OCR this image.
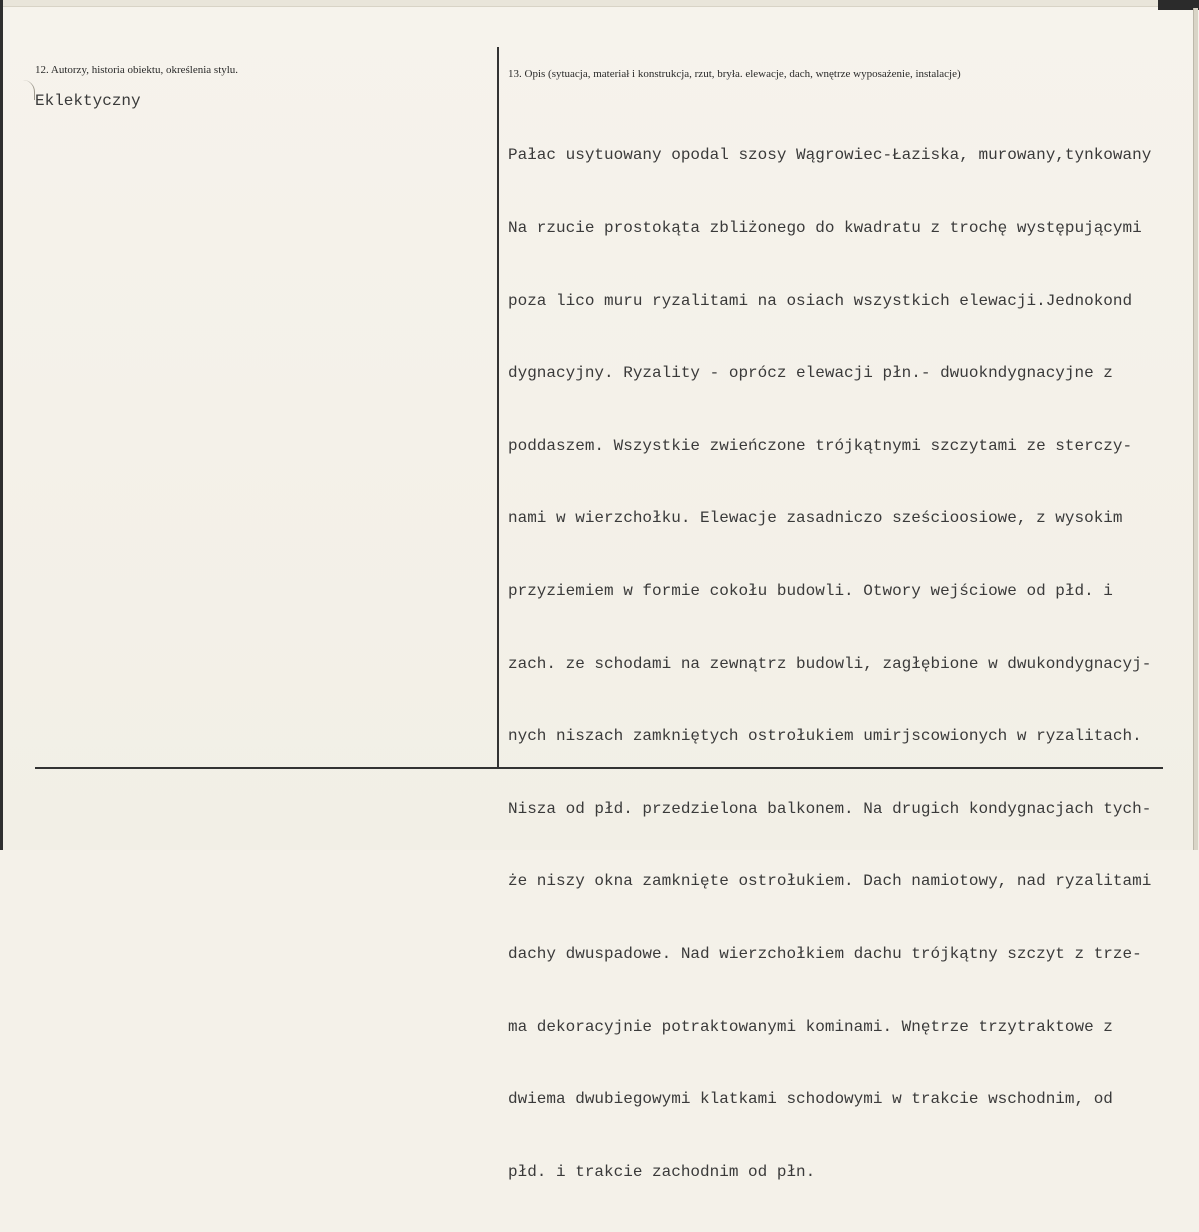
12. Autorzy, historia obiektu, określenia stylu.
Eklektyczny
13. Opis (sytuacja, materiał i konstrukcja, rzut, bryła. elewacje, dach, wnętrze wyposażenie, instalacje)

Pałac usytuowany opodal szosy Wągrowiec-Łaziska, murowany,tynkowany

Na rzucie prostokąta zbliżonego do kwadratu z trochę występującymi

poza lico muru ryzalitami na osiach wszystkich elewacji.Jednokond

dygnacyjny. Ryzality - oprócz elewacji płn.- dwuokndygnacyjne z

poddaszem. Wszystkie zwieńczone trójkątnymi szczytami ze sterczy-

nami w wierzchołku. Elewacje zasadniczo sześcioosiowe, z wysokim

przyziemiem w formie cokołu budowli. Otwory wejściowe od płd. i

zach. ze schodami na zewnątrz budowli, zagłębione w dwukondygnacyj-

nych niszach zamkniętych ostrołukiem umirjscowionych w ryzalitach.

Nisza od płd. przedzielona balkonem. Na drugich kondygnacjach tych-

że niszy okna zamknięte ostrołukiem. Dach namiotowy, nad ryzalitami

dachy dwuspadowe. Nad wierzchołkiem dachu trójkątny szczyt z trze-

ma dekoracyjnie potraktowanymi kominami. Wnętrze trzytraktowe z

dwiema dwubiegowymi klatkami schodowymi w trakcie wschodnim, od

płd. i trakcie zachodnim od płn.
